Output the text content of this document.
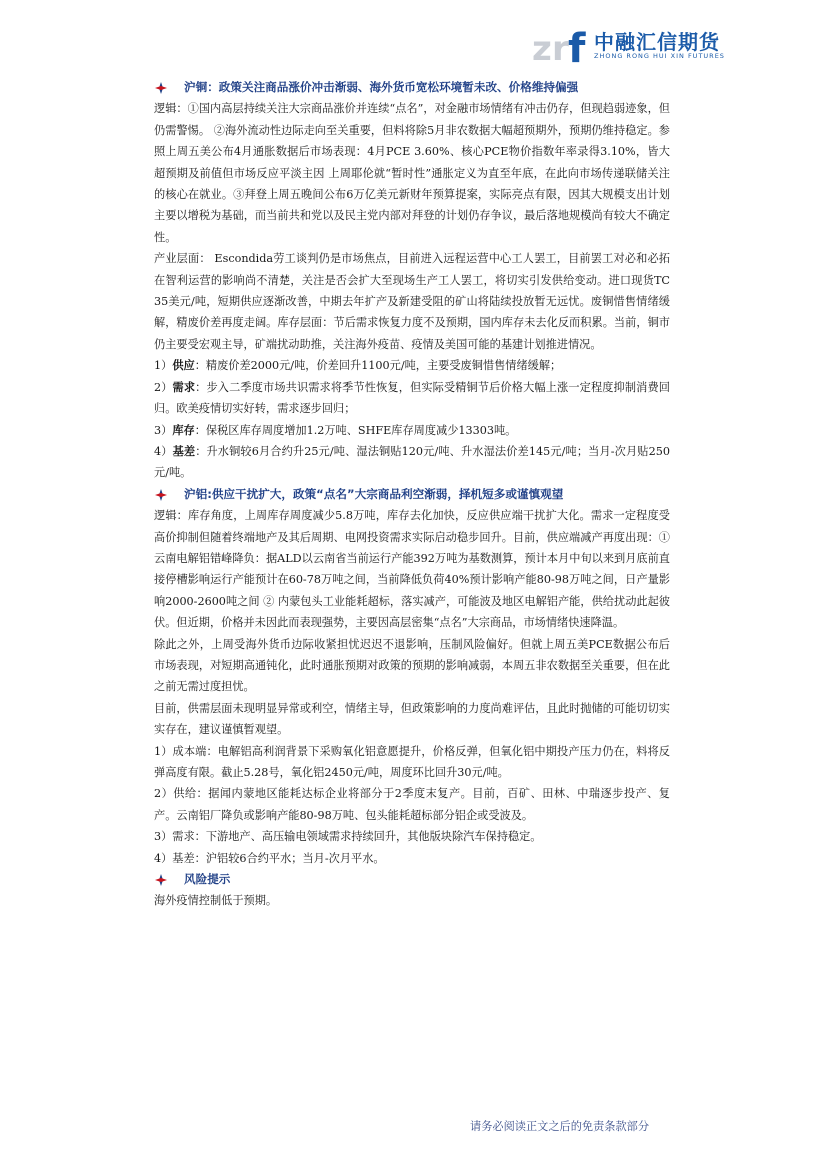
z r f 中融汇信期货
ZHONG RONG HUI XIN FUTURES
沪铜：政策关注商品涨价冲击渐弱、海外货币宽松环境暂未改、价格维持偏强

逻辑：①国内高层持续关注大宗商品涨价并连续“点名”，对金融市场情绪有冲击仍存，但现趋弱迹象，但仍需警惕。 ②海外流动性边际走向至关重要，但料将除5月非农数据大幅超预期外，预期仍维持稳定。参照上周五美公布4月通胀数据后市场表现：4月PCE 3.60%、核心PCE物价指数年率录得3.10%，皆大超预期及前值但市场反应平淡主因 上周耶伦就“暂时性”通胀定义为直至年底，在此向市场传递联储关注的核心在就业。③拜登上周五晚间公布6万亿美元新财年预算提案，实际亮点有限，因其大规模支出计划主要以增税为基础，而当前共和党以及民主党内部对拜登的计划仍存争议，最后落地规模尚有较大不确定性。

产业层面： Escondida劳工谈判仍是市场焦点，目前进入远程运营中心工人罢工，目前罢工对必和必拓在智利运营的影响尚不清楚，关注是否会扩大至现场生产工人罢工，将切实引发供给变动。进口现货TC 35美元/吨，短期供应逐渐改善，中期去年扩产及新建受阻的矿山将陆续投放暂无远忧。废铜惜售情绪缓解，精废价差再度走阔。库存层面：节后需求恢复力度不及预期，国内库存未去化反而积累。当前，铜市仍主要受宏观主导，矿端扰动助推，关注海外疫苗、疫情及美国可能的基建计划推进情况。

1）供应：精废价差2000元/吨，价差回升1100元/吨，主要受废铜惜售情绪缓解；

2）需求：步入二季度市场共识需求将季节性恢复，但实际受精铜节后价格大幅上涨一定程度抑制消费回归。欧美疫情切实好转，需求逐步回归；

3）库存：保税区库存周度增加1.2万吨、SHFE库存周度减少13303吨。

4）基差：升水铜较6月合约升25元/吨、湿法铜贴120元/吨、升水湿法价差145元/吨；当月-次月贴250元/吨。

沪铝:供应干扰扩大，政策“点名”大宗商品利空渐弱，择机短多或谨慎观望

逻辑：库存角度，上周库存周度减少5.8万吨，库存去化加快，反应供应端干扰扩大化。需求一定程度受高价抑制但随着终端地产及其后周期、电网投资需求实际启动稳步回升。目前，供应端减产再度出现：①云南电解铝错峰降负：据ALD以云南省当前运行产能392万吨为基数测算，预计本月中旬以来到月底前直接停槽影响运行产能预计在60-78万吨之间，当前降低负荷40%预计影响产能80-98万吨之间，日产量影响2000-2600吨之间 ② 内蒙包头工业能耗超标，落实减产，可能波及地区电解铝产能，供给扰动此起彼伏。但近期，价格并未因此而表现强势，主要因高层密集“点名”大宗商品，市场情绪快速降温。

除此之外，上周受海外货币边际收紧担忧迟迟不退影响，压制风险偏好。但就上周五美PCE数据公布后市场表现，对短期高通钝化，此时通胀预期对政策的预期的影响减弱，本周五非农数据至关重要，但在此之前无需过度担忧。

目前，供需层面未现明显异常或利空，情绪主导，但政策影响的力度尚难评估，且此时抛储的可能切切实实存在，建议谨慎暂观望。

1）成本端：电解铝高利润背景下采购氧化铝意愿提升，价格反弹，但氧化铝中期投产压力仍在，料将反弹高度有限。截止5.28号，氧化铝2450元/吨，周度环比回升30元/吨。

2）供给：据闻内蒙地区能耗达标企业将部分于2季度末复产。目前，百矿、田林、中瑞逐步投产、复产。云南铝厂降负或影响产能80-98万吨、包头能耗超标部分铝企或受波及。

3）需求：下游地产、高压输电领域需求持续回升，其他版块除汽车保持稳定。

4）基差：沪铝较6合约平水；当月-次月平水。

风险提示

海外疫情控制低于预期。

请务必阅读正文之后的免责条款部分
